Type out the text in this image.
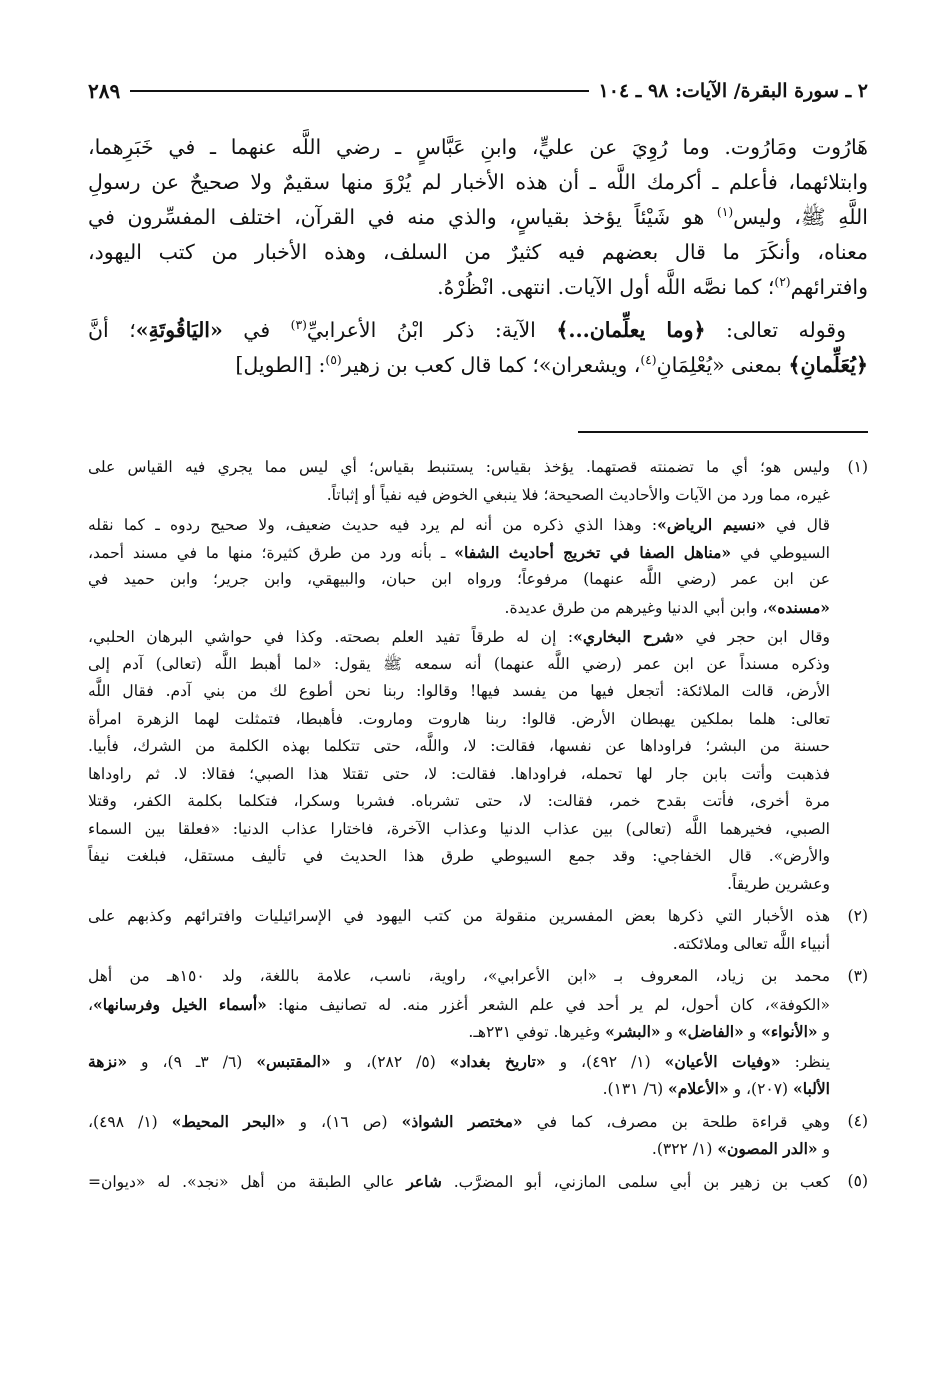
٢ ـ سورة البقرة/ الآيات: ٩٨ ـ ١٠٤
٢٨٩
هَارُوت ومَارُوت. وما رُوِيَ عن عليٍّ، وابنِ عَبَّاسٍ ـ رضي اللَّه عنهما ـ في خَبَرِهما،
وابتلائهما، فأعلم ـ أكرمك اللَّه ـ أن هذه الأخبار لم يُرْوَ منها سقيمٌ ولا صحيحٌ عن رسولِ
اللَّهِ ﷺ، وليس$^{(١)}$ هو شَيْئاً يؤخذ بقياسٍ، والذي منه في القرآن، اختلف المفسِّرون في
معناه، وأنكَرَ ما قال بعضهم فيه كثيرٌ من السلف، وهذه الأخبار من كتب اليهود،
وافترائهم$^{(٢)}$؛ كما نصَّه اللَّه أول الآيات. انتهى. انْظُرْهُ.
وقوله تعالى: ﴿وما يعلِّمان...﴾ الآية: ذكر ابْنُ الأعرابيِّ$^{(٣)}$ في «اليَاقُوتَةِ»؛ أنَّ
﴿يُعَلِّمانِ﴾ بمعنى «يُعْلِمَانِ$^{(٤)}$، ويشعران»؛ كما قال كعب بن زهير$^{(٥)}$: [الطويل]
(١)
وليس هو؛ أي ما تضمنته قصتهما. يؤخذ بقياس: يستنبط بقياس؛ أي ليس مما يجري فيه القياس على
غيره، مما ورد من الآيات والأحاديث الصحيحة؛ فلا ينبغي الخوض فيه نفياً أو إثباتاً.
قال في «نسيم الرياض»: وهذا الذي ذكره من أنه لم يرد فيه حديث ضعيف، ولا صحيح ردوه ـ كما نقله
السيوطي في «مناهل الصفا في تخريج أحاديث الشفا» ـ بأنه ورد من طرق كثيرة؛ منها ما في مسند أحمد،
عن ابن عمر (رضي اللَّه عنهما) مرفوعاً؛ ورواه ابن حبان، والبيهقي، وابن جرير؛ وابن حميد في
«مسنده»، وابن أبي الدنيا وغيرهم من طرق عديدة.
وقال ابن حجر في «شرح البخاري»: إن له طرقاً تفيد العلم بصحته. وكذا في حواشي البرهان الحلبي،
وذكره مسنداً عن ابن عمر (رضي اللَّه عنهما) أنه سمعه ﷺ يقول: «لما أهبط اللَّه (تعالى) آدم إلى
الأرض، قالت الملائكة: أتجعل فيها من يفسد فيها! وقالوا: ربنا نحن أطوع لك من بني آدم. فقال اللَّه
تعالى: هلما بملكين يهبطان الأرض. قالوا: ربنا هاروت وماروت. فأهبطا، فتمثلت لهما الزهرة امرأة
حسنة من البشر؛ فراوداها عن نفسها، فقالت: لا، واللَّه، حتى تتكلما بهذه الكلمة من الشرك، فأبيا.
فذهبت وأتت بابن جار لها تحمله، فراوداها. فقالت: لا، حتى تقتلا هذا الصبي؛ فقالا: لا. ثم راوداها
مرة أخرى، فأتت بقدح خمر، فقالت: لا، حتى تشرباه. فشربا وسكرا، فتكلما بكلمة الكفر، وقتلا
الصبي، فخيرهما اللَّه (تعالى) بين عذاب الدنيا وعذاب الآخرة، فاختارا عذاب الدنيا: «فعلقا بين السماء
والأرض». قال الخفاجي: وقد جمع السيوطي طرق هذا الحديث في تأليف مستقل، فبلغت نيفاً
وعشرين طريقاً.
(٢)
هذه الأخبار التي ذكرها بعض المفسرين منقولة من كتب اليهود في الإسرائيليات وافترائهم وكذبهم على
أنبياء اللَّه تعالى وملائكته.
(٣)
محمد بن زياد، المعروف بـ «ابن الأعرابي»، راوية، ناسب، علامة باللغة، ولد ١٥٠هـ من أهل
«الكوفة»، كان أحول، لم ير أحد في علم الشعر أغزر منه. له تصانيف منها: «أسماء الخيل وفرسانها»،
و «الأنواء» و «الفاضل» و «البشر» وغيرها. توفي ٢٣١هـ.
ينظر: «وفيات الأعيان» (١/ ٤٩٢)، و «تاريخ بغداد» (٥/ ٢٨٢)، و «المقتبس» (٦/ ٣ـ ٩)، و «نزهة
الألبا» (٢٠٧)، و «الأعلام» (٦/ ١٣١).
(٤)
وهي قراءة طلحة بن مصرف، كما في «مختصر الشواذ» (ص ١٦)، و «البحر المحيط» (١/ ٤٩٨)،
و «الدر المصون» (١/ ٣٢٢).
(٥)
كعب بن زهير بن أبي سلمى المازني، أبو المضرَّب. شاعر عالي الطبقة من أهل «نجد». له «ديوان=
